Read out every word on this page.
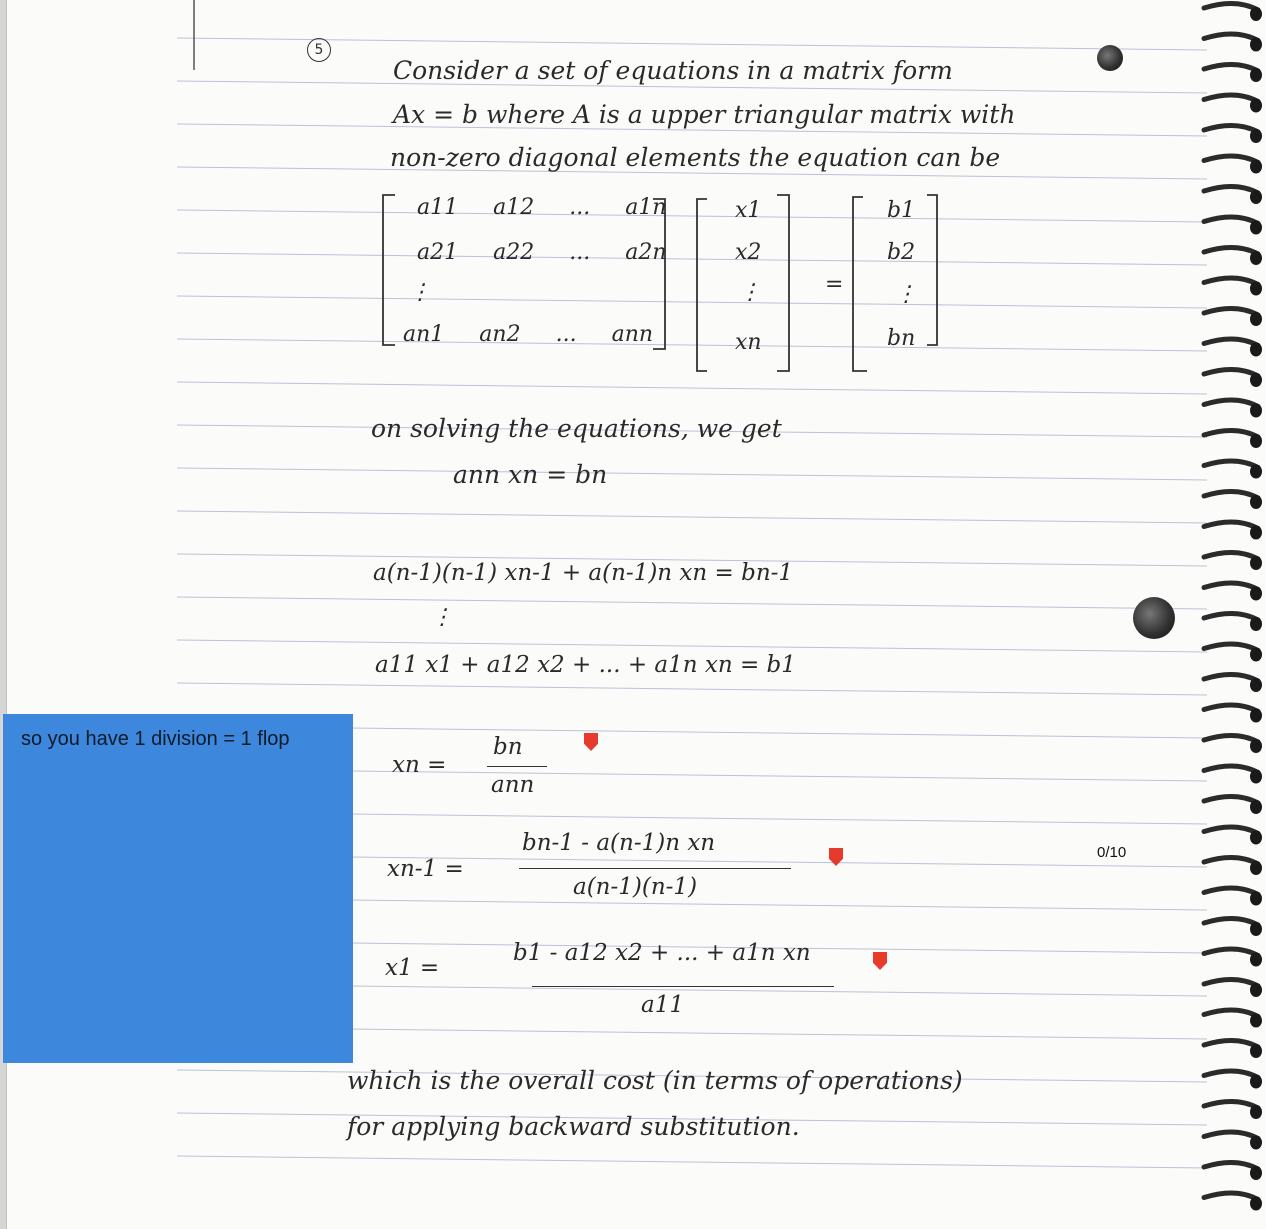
5
Consider a set of equations in a matrix form
Ax = b where A is a upper triangular matrix with
non-zero diagonal elements the equation can be
a11 a12 ... a1n
a21 a22 ... a2n
⋮
an1 an2 ... ann
x1
x2
⋮
xn
=
b1
b2
⋮
bn
on solving the equations, we get
ann xn = bn
a(n-1)(n-1) xn-1 + a(n-1)n xn = bn-1
⋮
a11 x1 + a12 x2 + ... + a1n xn = b1
xn =
bn
ann
xn-1 =
bn-1 - a(n-1)n xn
a(n-1)(n-1)
x1 =
b1 - a12 x2 + ... + a1n xn
a11
which is the overall cost (in terms of operations)
for applying backward substitution.
0/10
so you have 1 division = 1 flop
